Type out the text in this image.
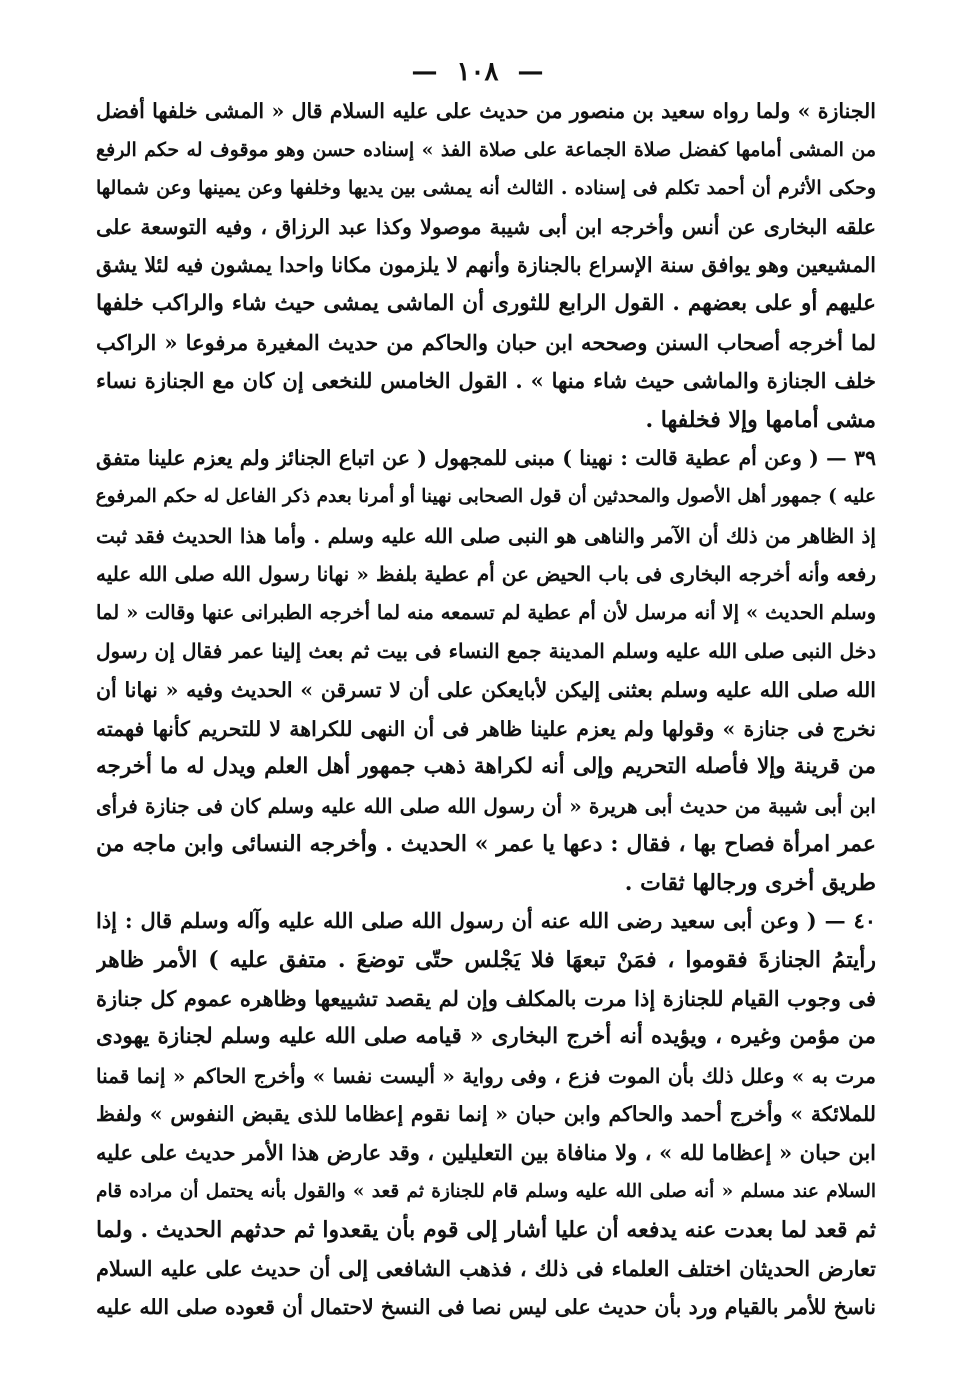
— ١٠٨ —
الجنازة » ولما رواه سعيد بن منصور من حديث على عليه السلام قال « المشى خلفها أفضل
من المشى أمامها كفضل صلاة الجماعة على صلاة الفذ » إسناده حسن وهو موقوف له حكم الرفع
وحكى الأثرم أن أحمد تكلم فى إسناده . الثالث أنه يمشى بين يديها وخلفها وعن يمينها وعن شمالها
علقه البخارى عن أنس وأخرجه ابن أبى شيبة موصولا وكذا عبد الرزاق ، وفيه التوسعة على
المشيعين وهو يوافق سنة الإسراع بالجنازة وأنهم لا يلزمون مكانا واحدا يمشون فيه لئلا يشق
عليهم أو على بعضهم . القول الرابع للثورى أن الماشى يمشى حيث شاء والراكب خلفها
لما أخرجه أصحاب السنن وصححه ابن حبان والحاكم من حديث المغيرة مرفوعا « الراكب
خلف الجنازة والماشى حيث شاء منها » . القول الخامس للنخعى إن كان مع الجنازة نساء
مشى أمامها وإلا فخلفها .
٣٩ — ( وعن أم عطية قالت : نهينا ) مبنى للمجهول ( عن اتباع الجنائز ولم يعزم علينا متفق
عليه ) جمهور أهل الأصول والمحدثين أن قول الصحابى نهينا أو أمرنا بعدم ذكر الفاعل له حكم المرفوع
إذ الظاهر من ذلك أن الآمر والناهى هو النبى صلى الله عليه وسلم . وأما هذا الحديث فقد ثبت
رفعه وأنه أخرجه البخارى فى باب الحيض عن أم عطية بلفظ « نهانا رسول الله صلى الله عليه
وسلم الحديث » إلا أنه مرسل لأن أم عطية لم تسمعه منه لما أخرجه الطبرانى عنها وقالت « لما
دخل النبى صلى الله عليه وسلم المدينة جمع النساء فى بيت ثم بعث إلينا عمر فقال إن رسول
الله صلى الله عليه وسلم بعثنى إليكن لأبايعكن على أن لا تسرقن » الحديث وفيه « نهانا أن
نخرج فى جنازة » وقولها ولم يعزم علينا ظاهر فى أن النهى للكراهة لا للتحريم كأنها فهمته
من قرينة وإلا فأصله التحريم وإلى أنه لكراهة ذهب جمهور أهل العلم ويدل له ما أخرجه
ابن أبى شيبة من حديث أبى هريرة « أن رسول الله صلى الله عليه وسلم كان فى جنازة فرأى
عمر امرأة فصاح بها ، فقال : دعها يا عمر » الحديث . وأخرجه النسائى وابن ماجه من
طريق أخرى ورجالها ثقات .
٤٠ — ( وعن أبى سعيد رضى الله عنه أن رسول الله صلى الله عليه وآله وسلم قال : إذا
رأيتمُ الجنازةَ فقوموا ، فمَنْ تبعهَا فلا يَجْلس حتّى توضعَ . متفق عليه ) الأمر ظاهر
فى وجوب القيام للجنازة إذا مرت بالمكلف وإن لم يقصد تشييعها وظاهره عموم كل جنازة
من مؤمن وغيره ، ويؤيده أنه أخرج البخارى « قيامه صلى الله عليه وسلم لجنازة يهودى
مرت به » وعلل ذلك بأن الموت فزع ، وفى رواية « أليست نفسا » وأخرج الحاكم « إنما قمنا
للملائكة » وأخرج أحمد والحاكم وابن حبان « إنما نقوم إعظاما للذى يقبض النفوس » ولفظ
ابن حبان « إعظاما لله » ، ولا منافاة بين التعليلين ، وقد عارض هذا الأمر حديث على عليه
السلام عند مسلم « أنه صلى الله عليه وسلم قام للجنازة ثم قعد » والقول بأنه يحتمل أن مراده قام
ثم قعد لما بعدت عنه يدفعه أن عليا أشار إلى قوم بأن يقعدوا ثم حدثهم الحديث . ولما
تعارض الحديثان اختلف العلماء فى ذلك ، فذهب الشافعى إلى أن حديث على عليه السلام
ناسخ للأمر بالقيام ورد بأن حديث على ليس نصا فى النسخ لاحتمال أن قعوده صلى الله عليه
